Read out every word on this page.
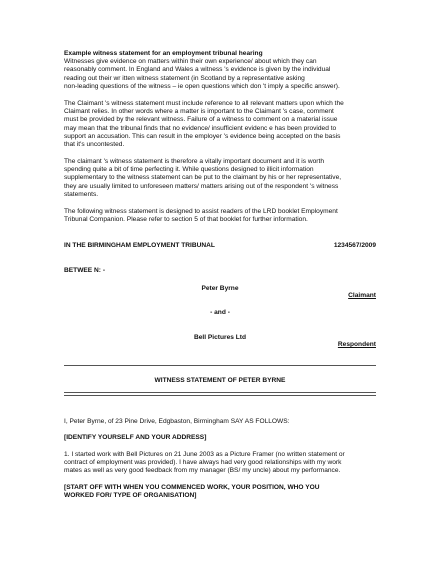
Example witness statement for an employment tribunal hearing

Witnesses give evidence on matters within their own experience/ about which they can
reasonably comment. In England and Wales a witness 's evidence is given by the individual
reading out their wr itten witness statement (in Scotland by a representative asking
non-leading questions of the witness – ie open questions which don 't imply a specific answer).

The Claimant 's witness statement must include reference to all relevant matters upon which the
Claimant relies. In other words where a matter is important to the Claimant 's case, comment
must be provided by the relevant witness. Failure of a witness to comment on a material issue
may mean that the tribunal finds that no evidence/ insufficient evidenc e has been provided to
support an accusation. This can result in the employer 's evidence being accepted on the basis
that it's uncontested.
The claimant 's witness statement is therefore a vitally important document and it is worth
spending quite a bit of time perfecting it. While questions designed to illicit information
supplementary to the witness statement can be put to the claimant by his or her representative,
they are usually limited to unforeseen matters/ matters arising out of the respondent 's witness
statements.
The following witness statement is designed to assist readers of the LRD booklet Employment
Tribunal Companion. Please refer to section 5 of that booklet for further information.
IN THE BIRMINGHAM EMPLOYMENT TRIBUNAL	1234567/2009
BETWEE N: -
Peter Byrne
Claimant
- and -
Bell Pictures Ltd
Respondent
WITNESS STATEMENT OF PETER BYRNE
I, Peter Byrne, of 23 Pine Drive, Edgbaston, Birmingham SAY AS FOLLOWS:
[IDENTIFY YOURSELF AND YOUR ADDRESS]
1. I started work with Bell Pictures on 21 June 2003 as a Picture Framer (no written statement or
contract of employment was provided). I have always had very good relationships with my work
mates as well as very good feedback from my manager (BS/ my uncle) about my performance.
[START OFF WITH WHEN YOU COMMENCED WORK, YOUR POSITION, WHO YOU
WORKED FOR/ TYPE OF ORGANISATION]
